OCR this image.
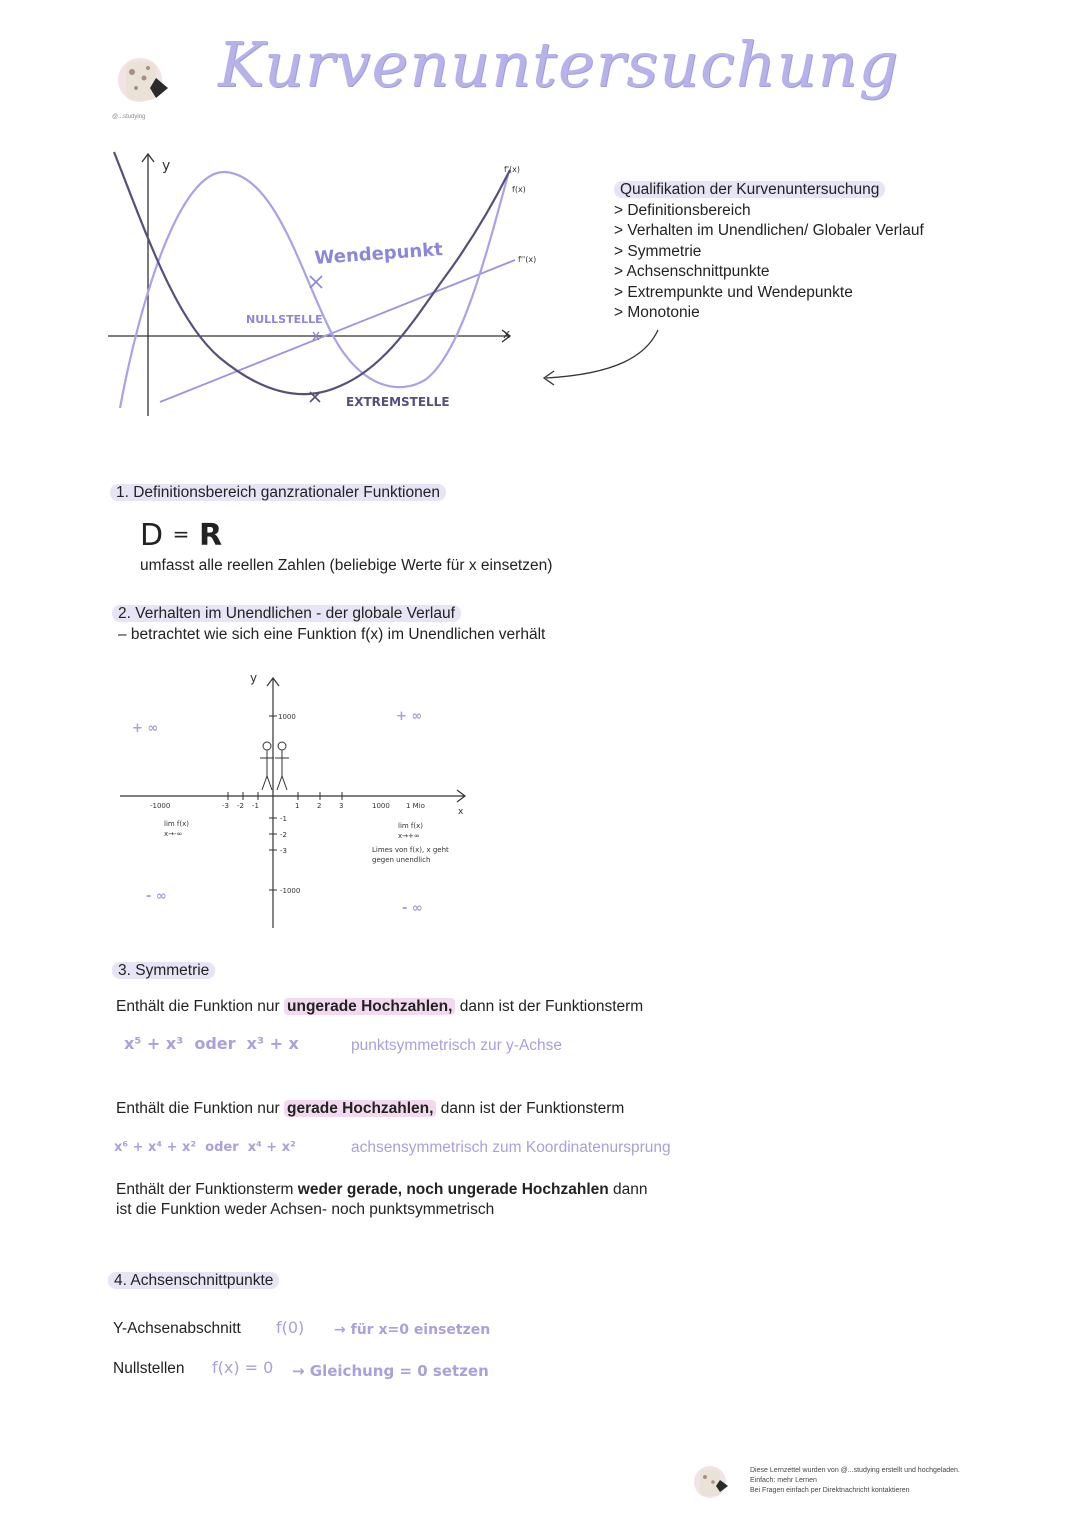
@...studying
Kurvenuntersuchung
y
x
Wendepunkt
NULLSTELLE
EXTREMSTELLE
f'(x)
f(x)
f''(x)
Qualifikation der Kurvenuntersuchung
> Definitionsbereich
> Verhalten im Unendlichen/ Globaler Verlauf
> Symmetrie
> Achsenschnittpunkte
> Extrempunkte und Wendepunkte
> Monotonie
1. Definitionsbereich ganzrationaler Funktionen
D = R
umfasst alle reellen Zahlen (beliebige Werte für x einsetzen)
2. Verhalten im Unendlichen - der globale Verlauf
– betrachtet wie sich eine Funktion f(x) im Unendlichen verhält
y
x
1000
-1000
-1
-2
-3
-1000	-3 -2 -1	1	2	3	1000 1 Mio
lim f(x)
x→-∞
lim f(x)
x→+∞
Limes von f(x), x geht
gegen unendlich
+ ∞
- ∞
+ ∞
- ∞
3. Symmetrie
Enthält die Funktion nur ungerade Hochzahlen, dann ist der Funktionsterm
x⁵ + x³  oder  x³ + x	punktsymmetrisch zur y-Achse
Enthält die Funktion nur gerade Hochzahlen, dann ist der Funktionsterm
x⁶ + x⁴ + x²  oder  x⁴ + x²	achsensymmetrisch zum Koordinatenursprung
Enthält der Funktionsterm weder gerade, noch ungerade Hochzahlen dann
ist die Funktion weder Achsen- noch punktsymmetrisch
4. Achsenschnittpunkte
Y-Achsenabschnitt f(0) → für x=0 einsetzen
Nullstellen f(x) = 0 → Gleichung = 0 setzen
Diese Lernzettel wurden von @...studying erstellt und hochgeladen.
Einfach: mehr Lernen
Bei Fragen einfach per Direktnachricht kontaktieren
